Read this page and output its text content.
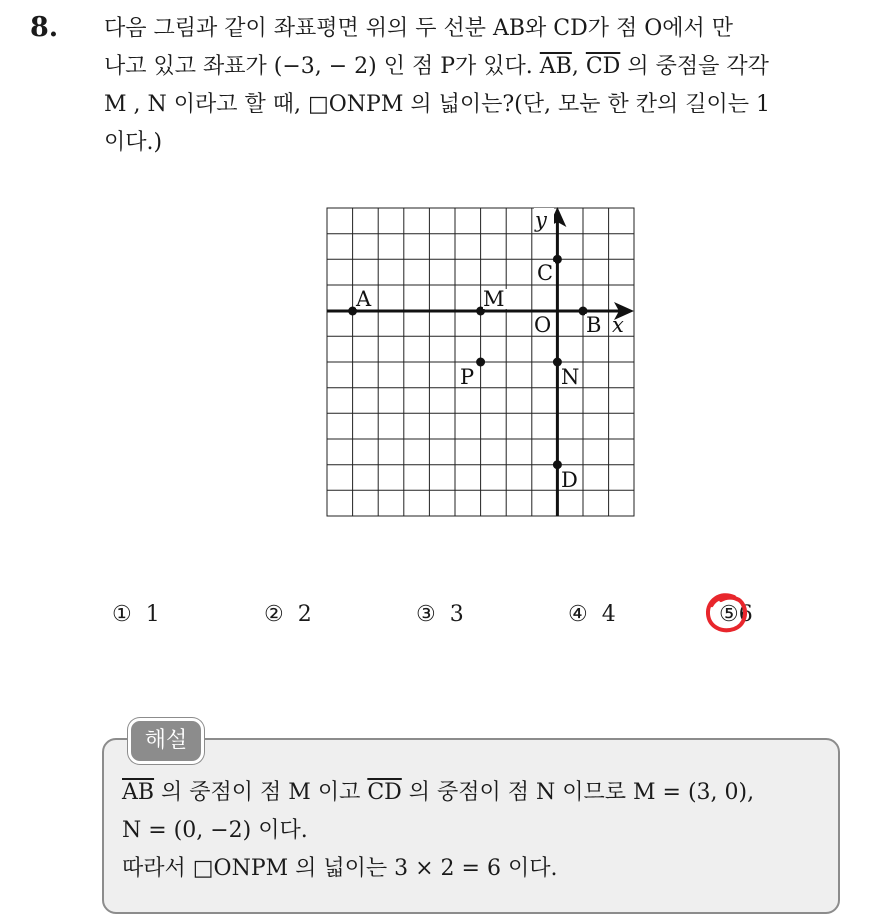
8. 다음 그림과 같이 좌표평면 위의 두 선분 AB와 CD가 점 O에서 만
나고 있고 좌표가 (−3, − 2) 인 점 P가 있다. $\overline{AB}$, $\overline{CD}$ 의 중점을 각각
M , N 이라고 할 때, □ONPM 의 넓이는?(단, 모눈 한 칸의 길이는 1
이다.)
A	M
C
O B x
y
P	N
D
① 1	② 2	③ 3	④ 4	⑤6
해설
$\overline{AB}$ 의 중점이 점 M 이고 $\overline{CD}$ 의 중점이 점 N 이므로 M = (3, 0),
N = (0, −2) 이다.
따라서 □ONPM 의 넓이는 3 × 2 = 6 이다.
